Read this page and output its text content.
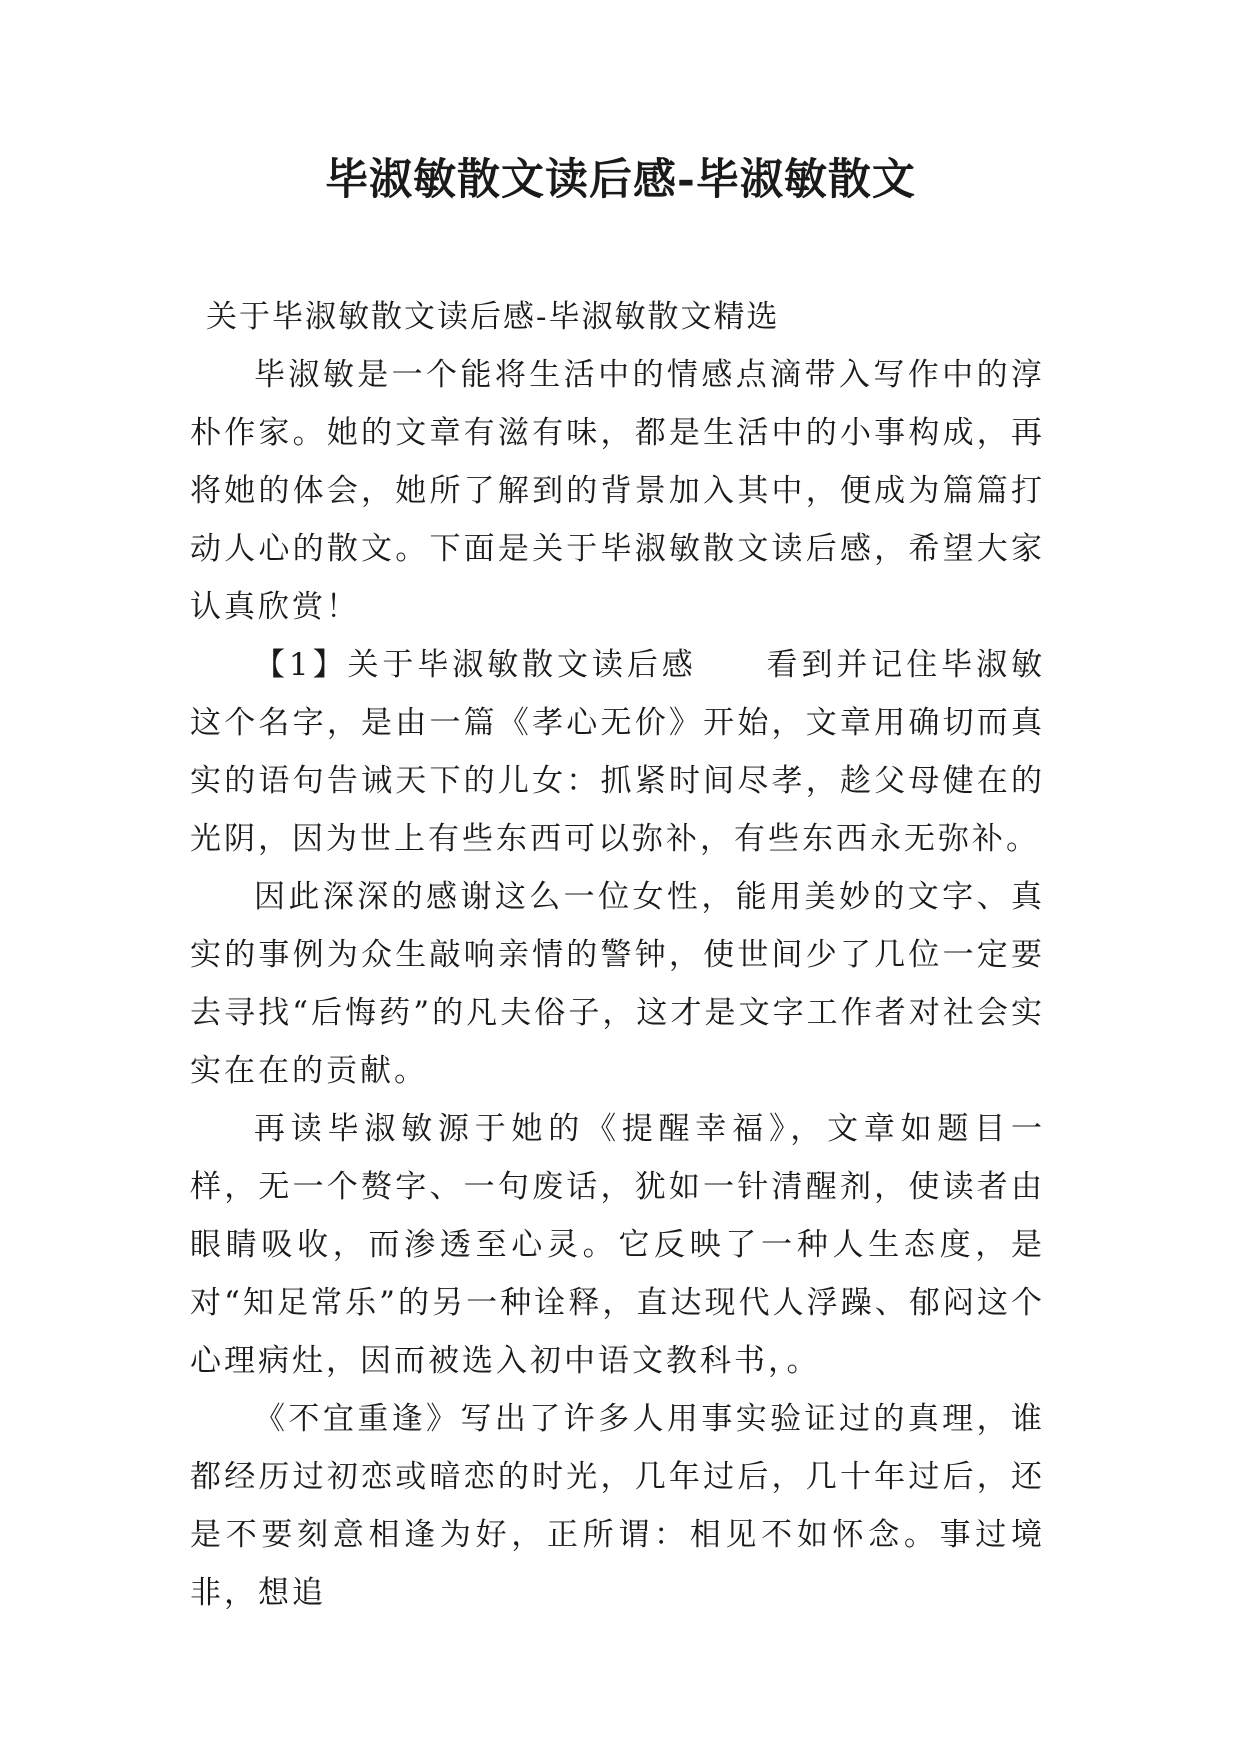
毕淑敏散文读后感-毕淑敏散文

关于毕淑敏散文读后感-毕淑敏散文精选

毕淑敏是一个能将生活中的情感点滴带入写作中的淳朴作家。她的文章有滋有味，都是生活中的小事构成，再将她的体会，她所了解到的背景加入其中，便成为篇篇打动人心的散文。下面是关于毕淑敏散文读后感，希望大家认真欣赏！

【1】关于毕淑敏散文读后感　　看到并记住毕淑敏这个名字，是由一篇《孝心无价》开始，文章用确切而真实的语句告诫天下的儿女：抓紧时间尽孝，趁父母健在的光阴，因为世上有些东西可以弥补，有些东西永无弥补。

因此深深的感谢这么一位女性，能用美妙的文字、真实的事例为众生敲响亲情的警钟，使世间少了几位一定要去寻找“后悔药”的凡夫俗子，这才是文字工作者对社会实实在在的贡献。

再读毕淑敏源于她的《提醒幸福》，文章如题目一样，无一个赘字、一句废话，犹如一针清醒剂，使读者由眼睛吸收，而渗透至心灵。它反映了一种人生态度，是对“知足常乐”的另一种诠释，直达现代人浮躁、郁闷这个心理病灶，因而被选入初中语文教科书，。

《不宜重逢》写出了许多人用事实验证过的真理，谁都经历过初恋或暗恋的时光，几年过后，几十年过后，还是不要刻意相逢为好，正所谓：相见不如怀念。事过境非，想追
